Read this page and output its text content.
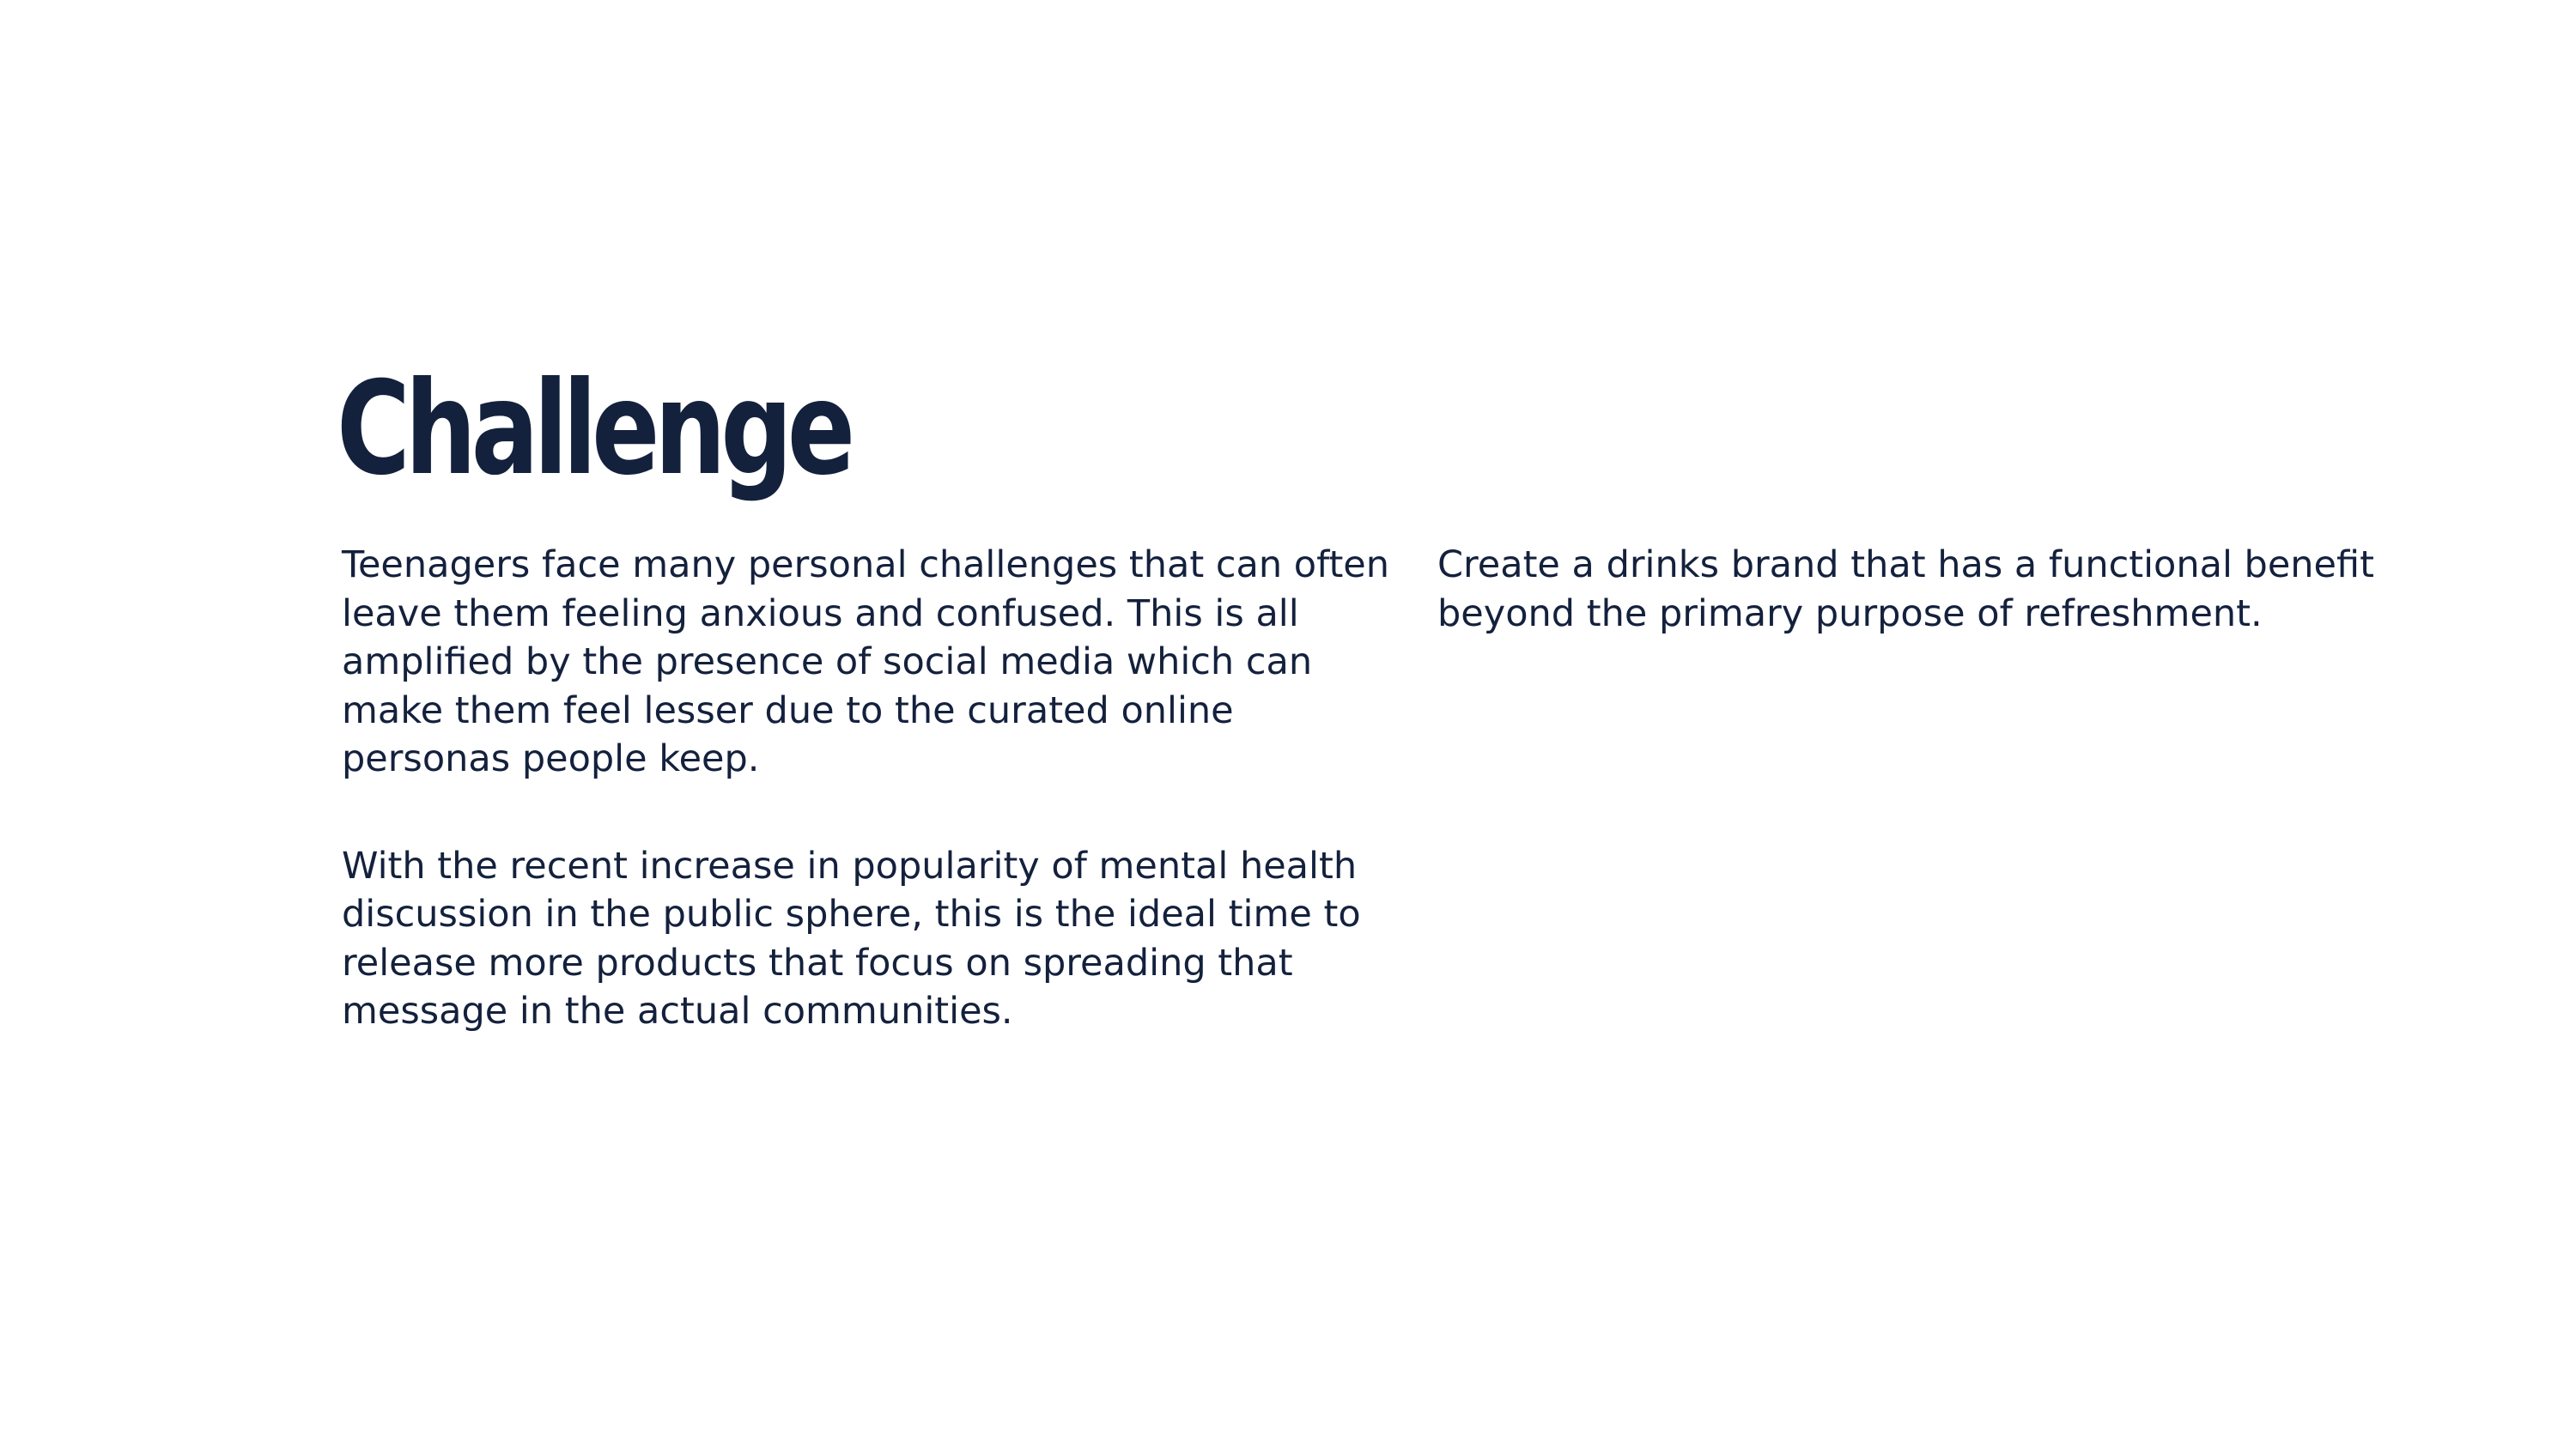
Challenge

Teenagers face many personal challenges that can often leave them feeling anxious and confused. This is all amplified by the presence of social media which can make them feel lesser due to the curated online personas people keep.

With the recent increase in popularity of mental health discussion in the public sphere, this is the ideal time to release more products that focus on spreading that message in the actual communities.

Create a drinks brand that has a functional benefit beyond the primary purpose of refreshment.
